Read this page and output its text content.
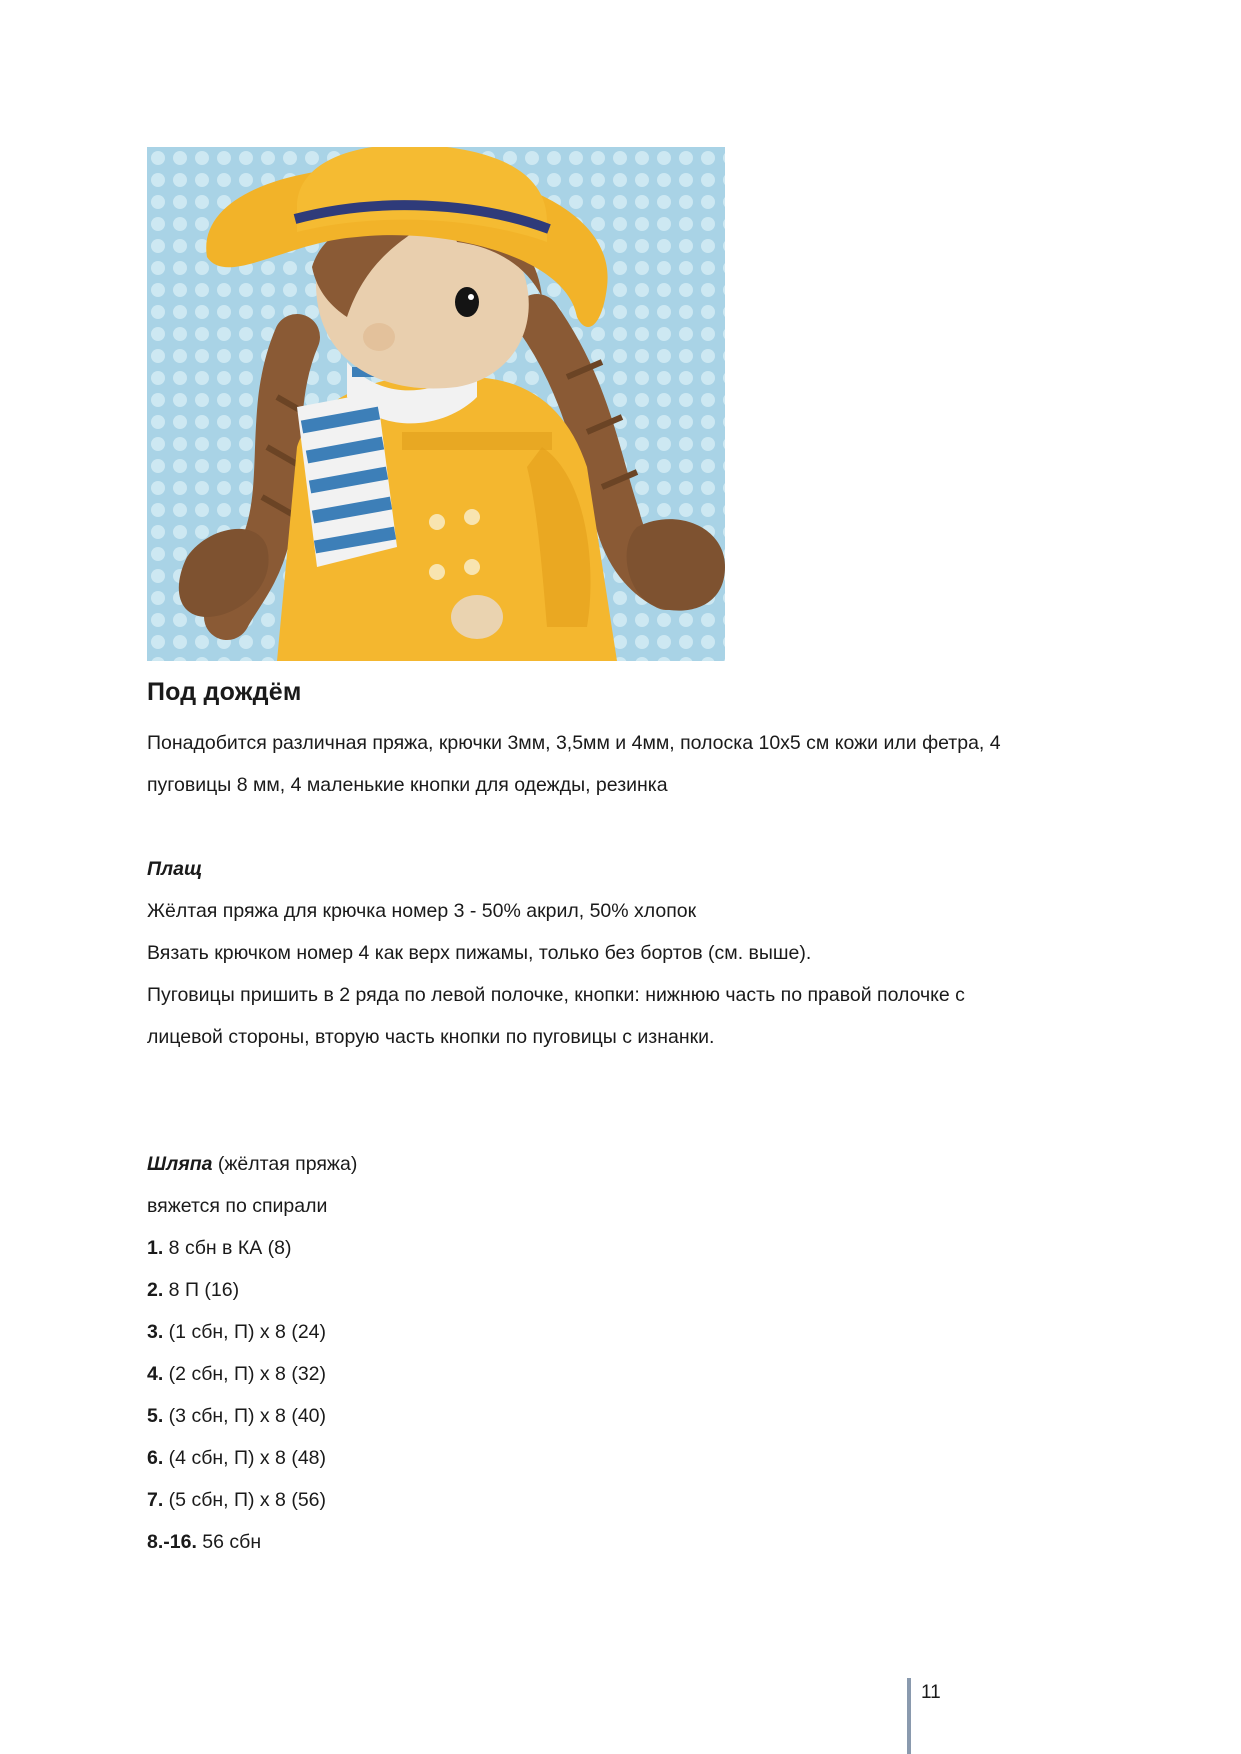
Под дождём

Понадобится различная пряжа, крючки 3мм, 3,5мм и 4мм, полоска 10х5 см кожи или фетра, 4

пуговицы 8 мм, 4 маленькие кнопки для одежды, резинка

Плащ

Жёлтая пряжа для крючка номер 3 - 50% акрил, 50% хлопок

Вязать крючком номер 4 как верх пижамы, только без бортов (см. выше).

Пуговицы пришить в 2 ряда по левой полочке, кнопки: нижнюю часть по правой полочке с

лицевой стороны, вторую часть кнопки по пуговицы с изнанки.

Шляпа (жёлтая пряжа)

вяжется по спирали

1. 8 сбн в КА (8)

2. 8 П (16)

3. (1 сбн, П) х 8 (24)

4. (2 сбн, П) х 8 (32)

5. (3 сбн, П) х 8 (40)

6. (4 сбн, П) х 8 (48)

7. (5 сбн, П) х 8 (56)

8.-16. 56 сбн

11
